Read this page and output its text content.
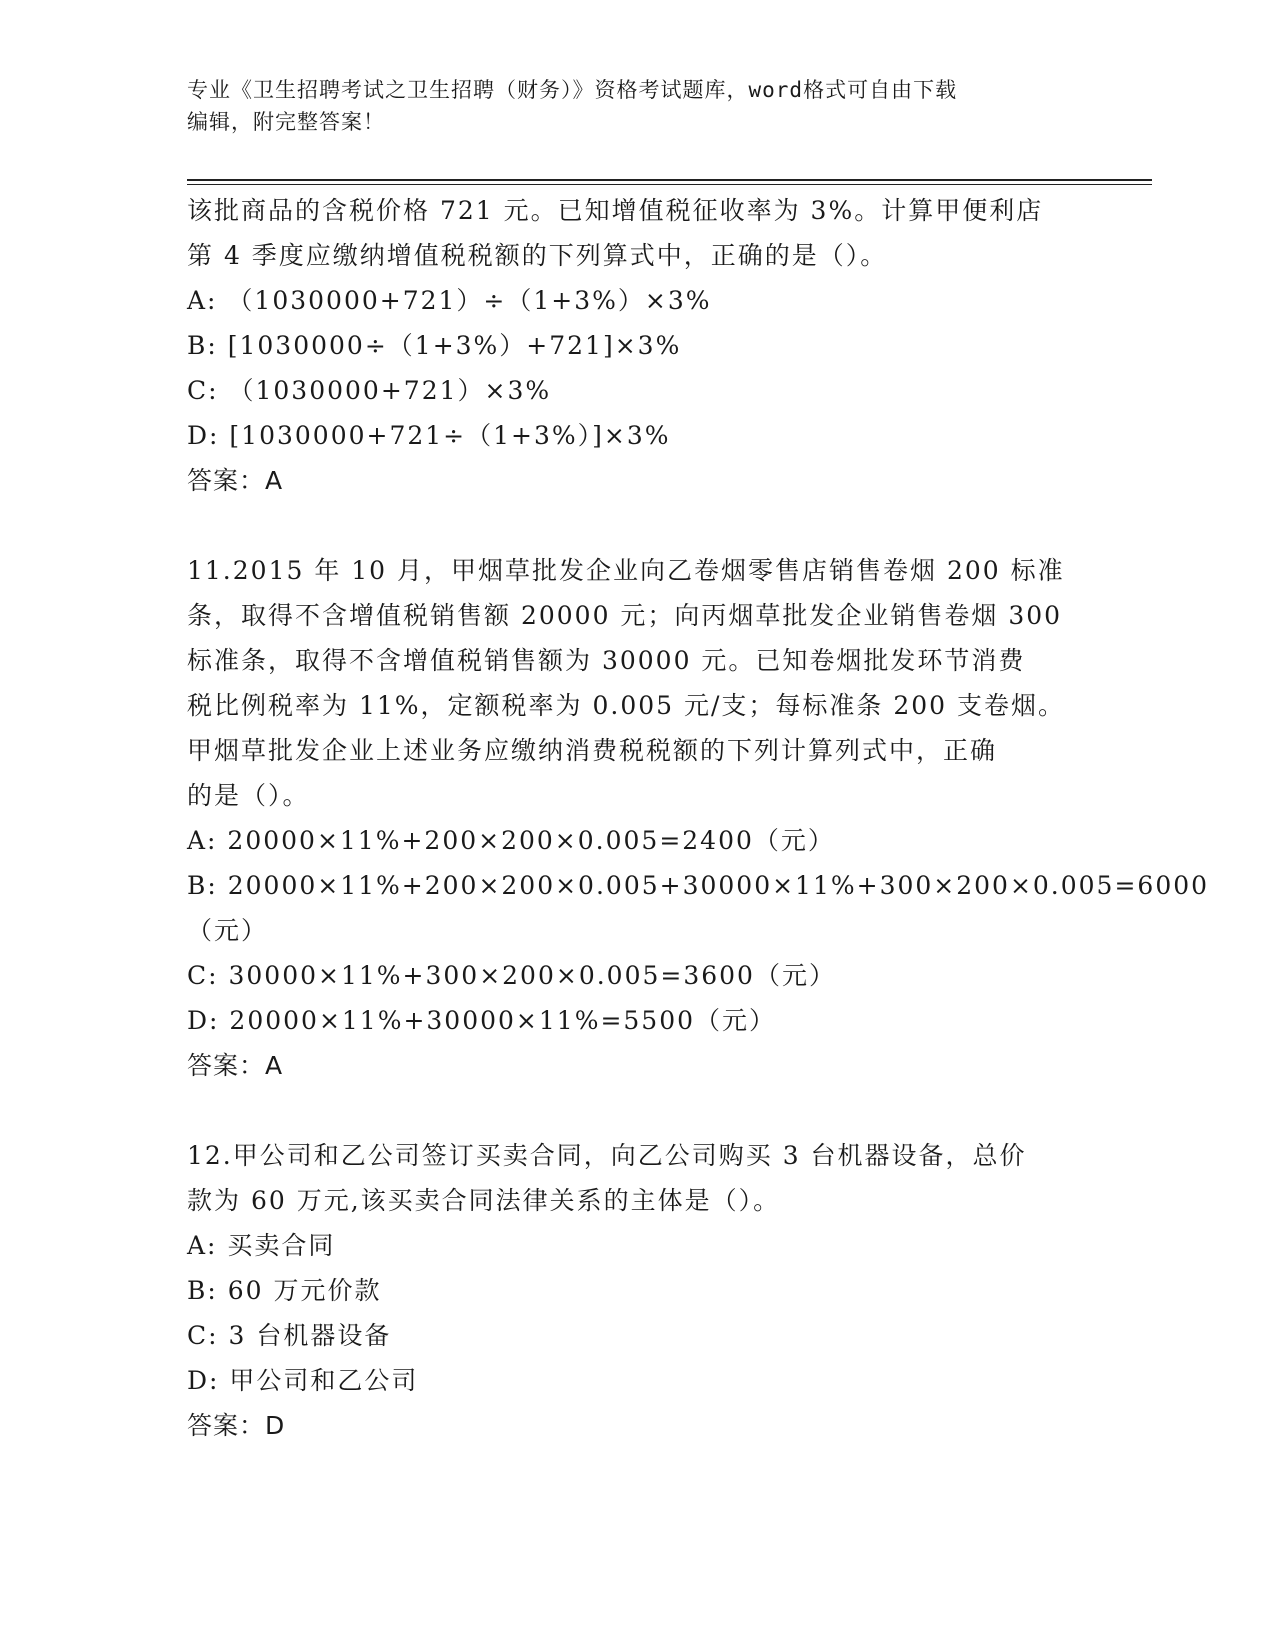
专业《卫生招聘考试之卫生招聘（财务）》资格考试题库，word格式可自由下载
编辑，附完整答案！
该批商品的含税价格 721 元。已知增值税征收率为 3%。计算甲便利店
第 4 季度应缴纳增值税税额的下列算式中，正确的是（）。
A: （1030000+721）÷（1+3%）×3%
B: [1030000÷（1+3%）+721]×3%
C: （1030000+721）×3%
D: [1030000+721÷（1+3%）]×3%
答案：A
11.2015 年 10 月，甲烟草批发企业向乙卷烟零售店销售卷烟 200 标准
条，取得不含增值税销售额 20000 元；向丙烟草批发企业销售卷烟 300
标准条，取得不含增值税销售额为 30000 元。已知卷烟批发环节消费
税比例税率为 11%，定额税率为 0.005 元/支；每标准条 200 支卷烟。
甲烟草批发企业上述业务应缴纳消费税税额的下列计算列式中，正确
的是（）。
A: 20000×11%+200×200×0.005=2400（元）
B: 20000×11%+200×200×0.005+30000×11%+300×200×0.005=6000
（元）
C: 30000×11%+300×200×0.005=3600（元）
D: 20000×11%+30000×11%=5500（元）
答案：A
12.甲公司和乙公司签订买卖合同，向乙公司购买 3 台机器设备，总价
款为 60 万元,该买卖合同法律关系的主体是（）。
A: 买卖合同
B: 60 万元价款
C: 3 台机器设备
D: 甲公司和乙公司
答案：D
